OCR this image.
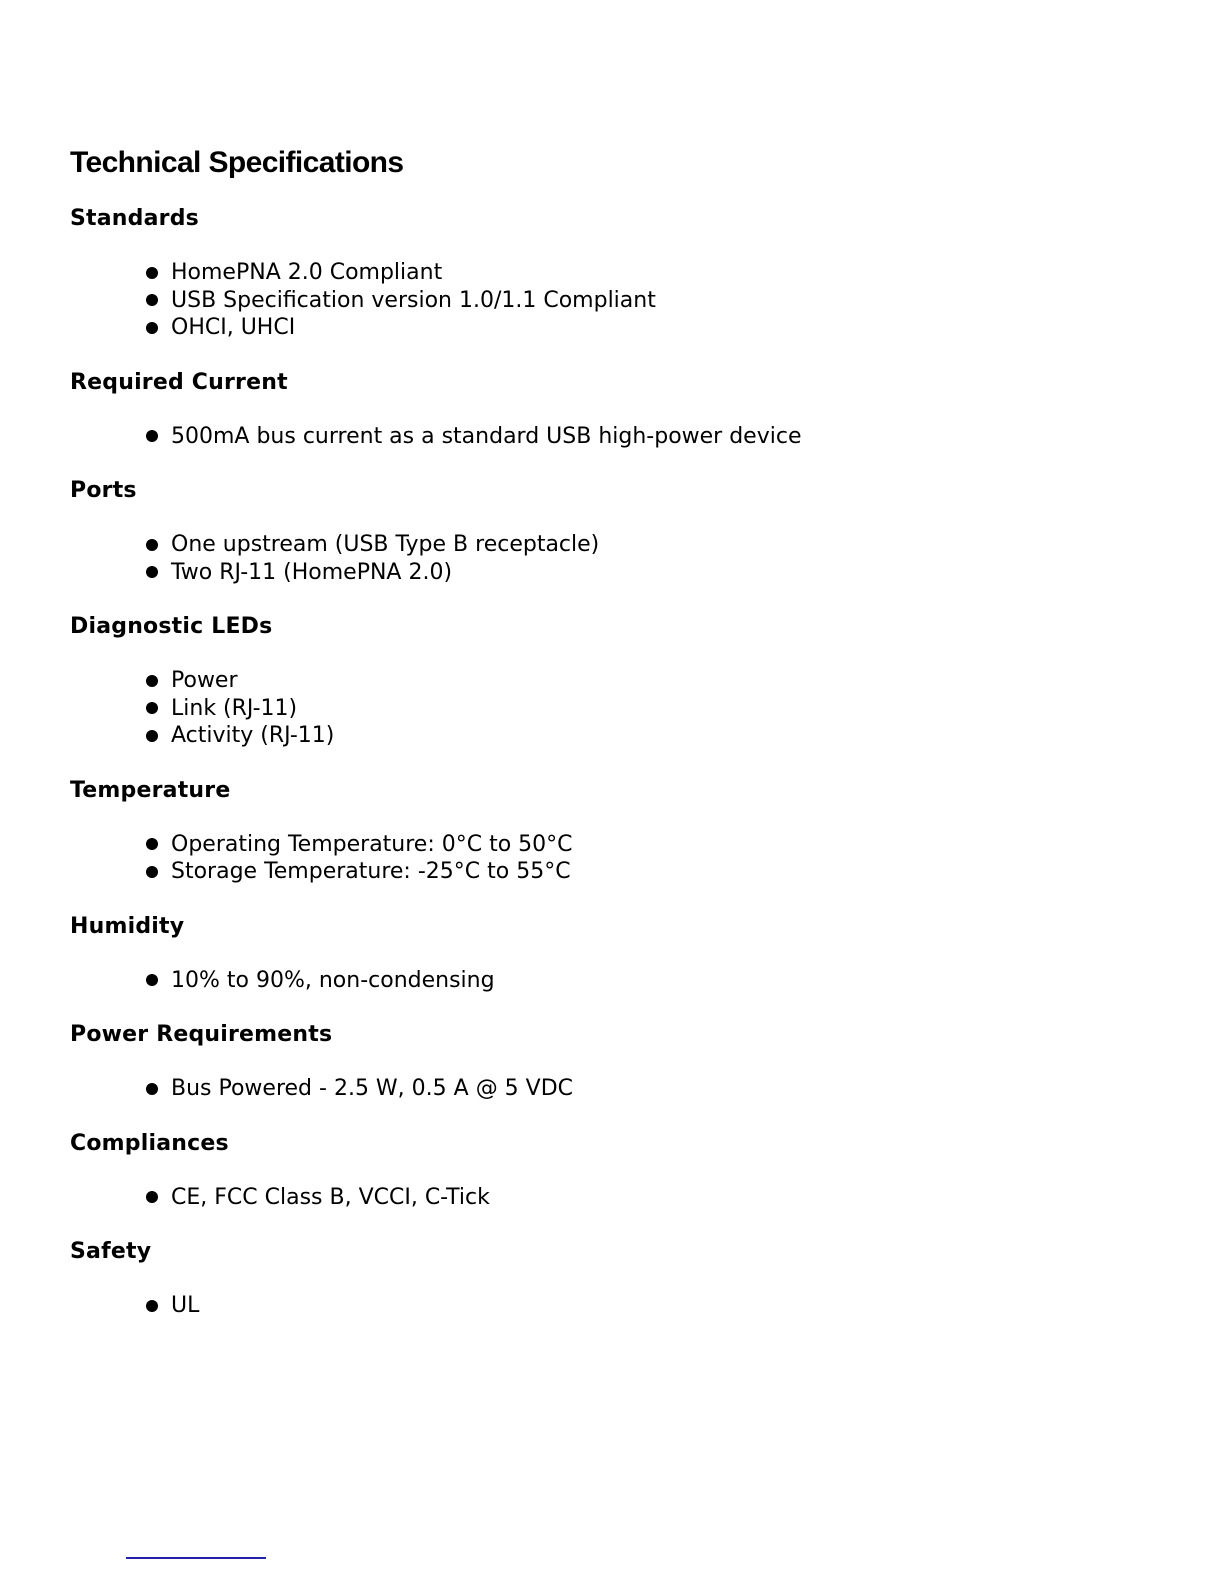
Technical Specifications
Standards
HomePNA 2.0 Compliant
USB Specification version 1.0/1.1 Compliant
OHCI, UHCI
Required Current
500mA bus current as a standard USB high-power device
Ports
One upstream (USB Type B receptacle)
Two RJ-11 (HomePNA 2.0)
Diagnostic LEDs
Power
Link (RJ-11)
Activity (RJ-11)
Temperature
Operating Temperature: 0°C to 50°C
Storage Temperature: -25°C to 55°C
Humidity
10% to 90%, non-condensing
Power Requirements
Bus Powered - 2.5 W, 0.5 A @ 5 VDC
Compliances
CE, FCC Class B, VCCI, C-Tick
Safety
UL
